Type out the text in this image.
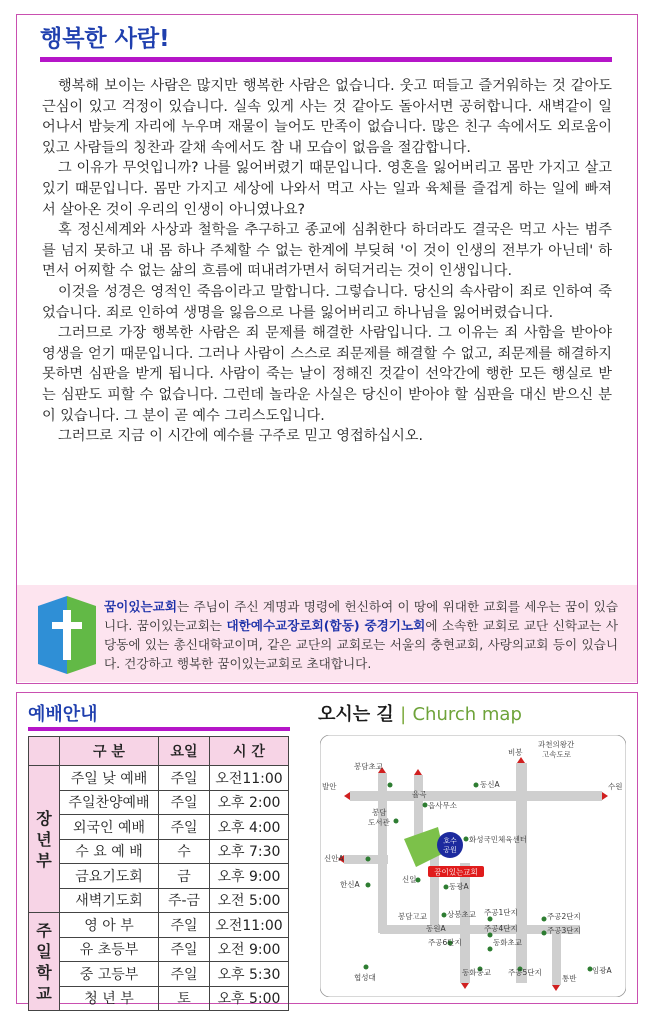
행복한 사람!

행복해 보이는 사람은 많지만 행복한 사람은 없습니다. 웃고 떠들고 즐거워하는 것 같아도 근심이 있고 걱정이 있습니다. 실속 있게 사는 것 같아도 돌아서면 공허합니다. 새벽같이 일어나서 밤늦게 자리에 누우며 재물이 늘어도 만족이 없습니다. 많은 친구 속에서도 외로움이 있고 사람들의 칭찬과 갈채 속에서도 참 내 모습이 없음을 절감합니다.

그 이유가 무엇입니까? 나를 잃어버렸기 때문입니다. 영혼을 잃어버리고 몸만 가지고 살고 있기 때문입니다. 몸만 가지고 세상에 나와서 먹고 사는 일과 육체를 즐겁게 하는 일에 빠져서 살아온 것이 우리의 인생이 아니였나요?

혹 정신세계와 사상과 철학을 추구하고 종교에 심취한다 하더라도 결국은 먹고 사는 범주를 넘지 못하고 내 몸 하나 주체할 수 없는 한계에 부딪혀 '이 것이 인생의 전부가 아닌데' 하면서 어찌할 수 없는 삶의 흐름에 떠내려가면서 허덕거리는 것이 인생입니다.

이것을 성경은 영적인 죽음이라고 말합니다. 그렇습니다. 당신의 속사람이 죄로 인하여 죽었습니다. 죄로 인하여 생명을 잃음으로 나를 잃어버리고 하나님을 잃어버렸습니다.

그러므로 가장 행복한 사람은 죄 문제를 해결한 사람입니다. 그 이유는 죄 사함을 받아야 영생을 얻기 때문입니다. 그러나 사람이 스스로 죄문제를 해결할 수 없고, 죄문제를 해결하지 못하면 심판을 받게 됩니다. 사람이 죽는 날이 정해진 것같이 선악간에 행한 모든 행실로 받는 심판도 피할 수 없습니다. 그런데 놀라운 사실은 당신이 받아야 할 심판을 대신 받으신 분이 있습니다. 그 분이 곧 예수 그리스도입니다.

그러므로 지금 이 시간에 예수를 구주로 믿고 영접하십시오.

꿈이있는교회는 주님이 주신 계명과 명령에 헌신하여 이 땅에 위대한 교회를 세우는 꿈이 있습니다. 꿈이있는교회는 대한예수교장로회(합동) 중경기노회에 소속한 교회로 교단 신학교는 사당동에 있는 총신대학교이며, 같은 교단의 교회로는 서울의 충현교회, 사랑의교회 등이 있습니다. 건강하고 행복한 꿈이있는교회로 초대합니다.
예배안내
	구 분	요일	시 간
장
년
부	주일 낮 예배	주일	오전11:00
	주일찬양예배	주일	오후 2:00
	외국인 예배	주일	오후 4:00
	수 요 예 배	수	오후 7:30
	금요기도회	금	오후 9:00
	새벽기도회	주-금	오전 5:00
주
일
학
교	영 아 부	주일	오전11:00
	유 초등부	주일	오전 9:00
	중 고등부	주일	오후 5:30
	청 년 부	토	오후 5:00
오시는 길 | Church map
호수
공원
꿈이있는교회
봉담초교
율곡
비봉
과천의왕간
고속도로
발안	수원
동신A
읍사무소
봉담
도서관
화성국민체육센터
신안A
한신A
신일
동광A
봉담고교	상봉초교
동원A
주공6단지
주공1단지
주공4단지
동화초교
주공2단지
주공3단지
협성대
동화중교 주공5단지
통반
임광A
